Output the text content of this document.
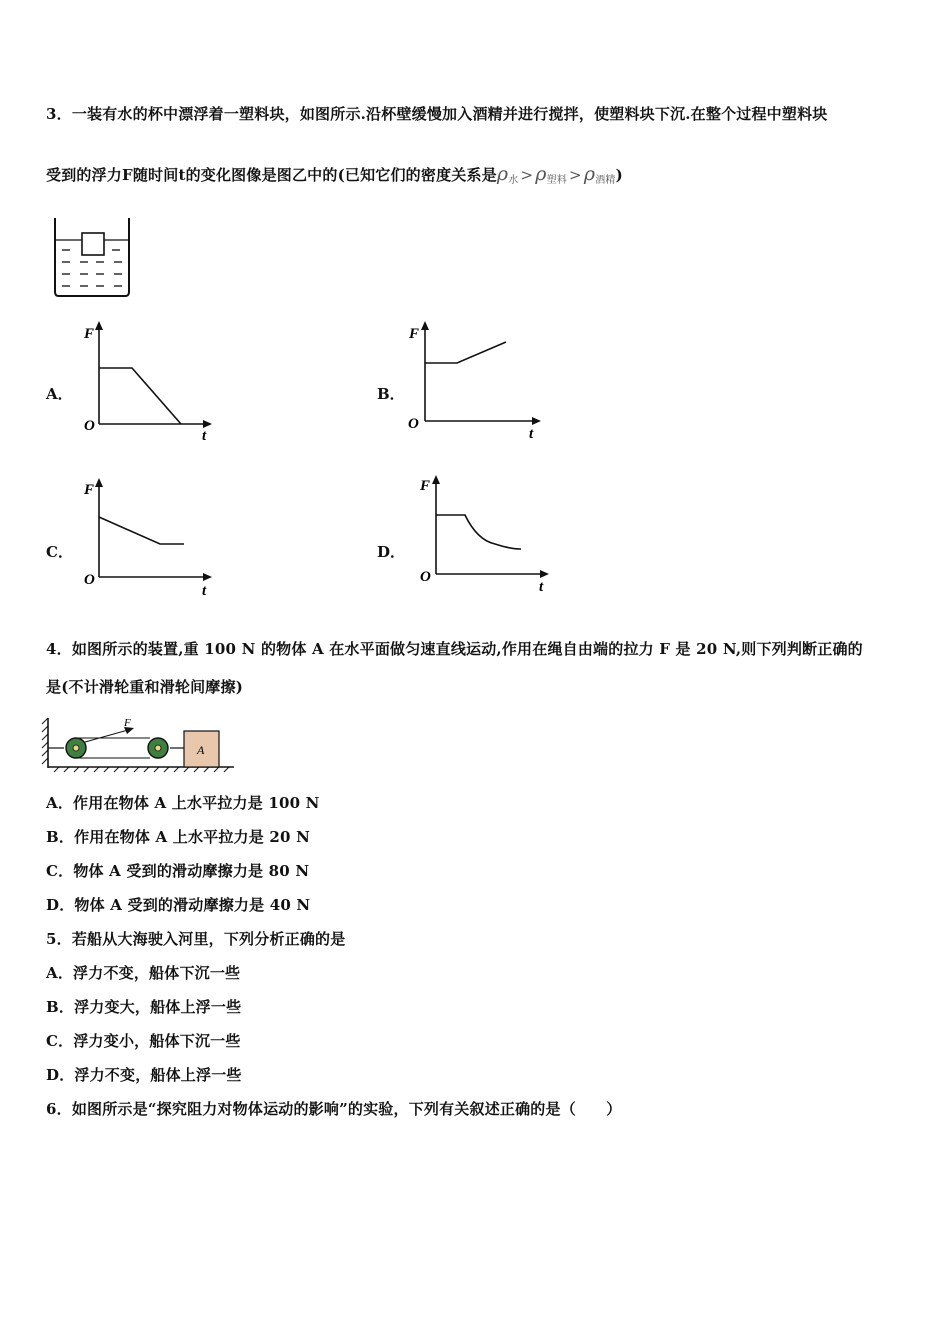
3．一装有水的杯中漂浮着一塑料块，如图所示.沿杯壁缓慢加入酒精并进行搅拌，使塑料块下沉.在整个过程中塑料块
受到的浮力F随时间t的变化图像是图乙中的(已知它们的密度关系是$\rho_水 > \rho_{塑料} > \rho_{酒精}$)
A．
F
O
t
B．
F
O
t
C．
F
O
t
D．
F
O
t
4．如图所示的装置,重 100 N 的物体 A 在水平面做匀速直线运动,作用在绳自由端的拉力 F 是 20 N,则下列判断正确的
是(不计滑轮重和滑轮间摩擦)
F
A
A．作用在物体 A 上水平拉力是 100 N
B．作用在物体 A 上水平拉力是 20 N
C．物体 A 受到的滑动摩擦力是 80 N
D．物体 A 受到的滑动摩擦力是 40 N
5．若船从大海驶入河里，下列分析正确的是
A．浮力不变，船体下沉一些
B．浮力变大，船体上浮一些
C．浮力变小，船体下沉一些
D．浮力不变，船体上浮一些
6．如图所示是“探究阻力对物体运动的影响”的实验，下列有关叙述正确的是（　　）
